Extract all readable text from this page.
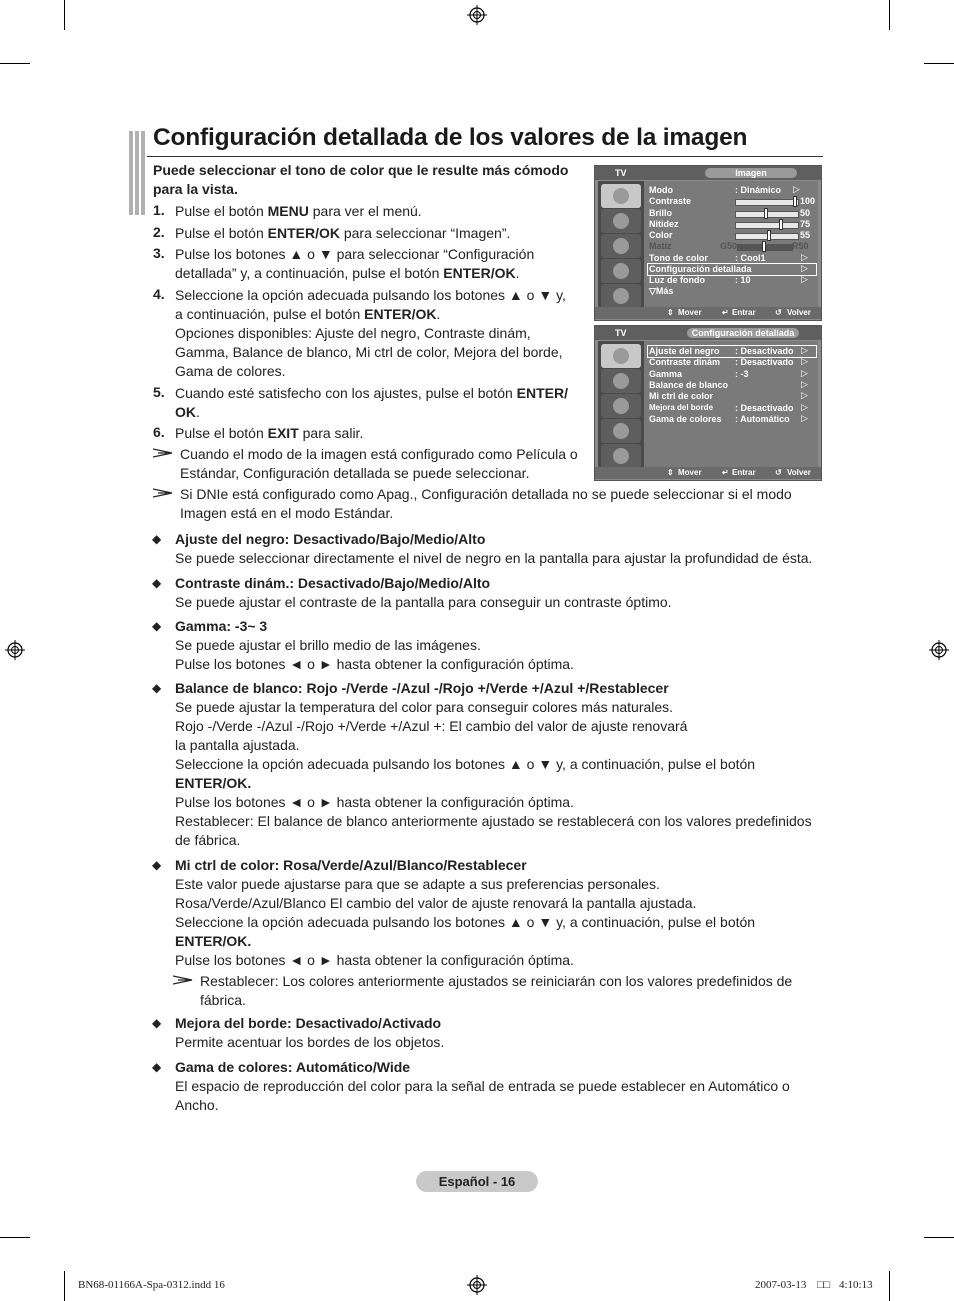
Configuración detallada de los valores de la imagen
Puede seleccionar el tono de color que le resulte más cómodo
para la vista.
1. Pulse el botón MENU para ver el menú.
2. Pulse el botón ENTER/OK para seleccionar “Imagen”.
3. Pulse los botones ▲ o ▼ para seleccionar “Configuración
detallada” y, a continuación, pulse el botón ENTER/OK.
4. Seleccione la opción adecuada pulsando los botones ▲ o ▼ y,
a continuación, pulse el botón ENTER/OK.
Opciones disponibles: Ajuste del negro, Contraste dinám,
Gamma, Balance de blanco, Mi ctrl de color, Mejora del borde,
Gama de colores.
5. Cuando esté satisfecho con los ajustes, pulse el botón ENTER/
OK.
6. Pulse el botón EXIT para salir.
Cuando el modo de la imagen está configurado como Película o
Estándar, Configuración detallada se puede seleccionar.
Si DNIe está configurado como Apag., Configuración detallada no se puede seleccionar si el modo
Imagen está en el modo Estándar.
◆ Ajuste del negro: Desactivado/Bajo/Medio/Alto
Se puede seleccionar directamente el nivel de negro en la pantalla para ajustar la profundidad de ésta.
◆ Contraste dinám.: Desactivado/Bajo/Medio/Alto
Se puede ajustar el contraste de la pantalla para conseguir un contraste óptimo.
◆ Gamma: -3~ 3
Se puede ajustar el brillo medio de las imágenes.
Pulse los botones ◄ o ► hasta obtener la configuración óptima.
◆ Balance de blanco: Rojo -/Verde -/Azul -/Rojo +/Verde +/Azul +/Restablecer
Se puede ajustar la temperatura del color para conseguir colores más naturales.
Rojo -/Verde -/Azul -/Rojo +/Verde +/Azul +: El cambio del valor de ajuste renovará
la pantalla ajustada.
Seleccione la opción adecuada pulsando los botones ▲ o ▼ y, a continuación, pulse el botón
ENTER/OK.
Pulse los botones ◄ o ► hasta obtener la configuración óptima.
Restablecer: El balance de blanco anteriormente ajustado se restablecerá con los valores predefinidos
de fábrica.
◆ Mi ctrl de color: Rosa/Verde/Azul/Blanco/Restablecer
Este valor puede ajustarse para que se adapte a sus preferencias personales.
Rosa/Verde/Azul/Blanco El cambio del valor de ajuste renovará la pantalla ajustada.
Seleccione la opción adecuada pulsando los botones ▲ o ▼ y, a continuación, pulse el botón
ENTER/OK.
Pulse los botones ◄ o ► hasta obtener la configuración óptima.
Restablecer: Los colores anteriormente ajustados se reiniciarán con los valores predefinidos de
fábrica.
◆ Mejora del borde: Desactivado/Activado
Permite acentuar los bordes de los objetos.
◆ Gama de colores: Automático/Wide
El espacio de reproducción del color para la señal de entrada se puede establecer en Automático o
Ancho.
TV	Imagen
Modo	: Dinámico ▷
Contraste	100
Brillo	50
Nitidez	75
Color	55
Matiz	G50	R50
Tono de color	: Cool1	▷
Configuración detallada	▷
Luz de fondo	: 10	▷
▽Más
⇕ Mover	↵ Entrar ↺ Volver
TV	Configuración detallada
Ajuste del negro : Desactivado ▷
Contraste dinám : Desactivado ▷
Gamma	: -3	▷
Balance de blanco	▷
Mi ctrl de color	▷
Mejora del borde : Desactivado ▷
Gama de colores : Automático ▷
⇕ Mover	↵ Entrar ↺ Volver
Español - 16
BN68-01166A-Spa-0312.indd 16	2007-03-13 □□ 4:10:13
